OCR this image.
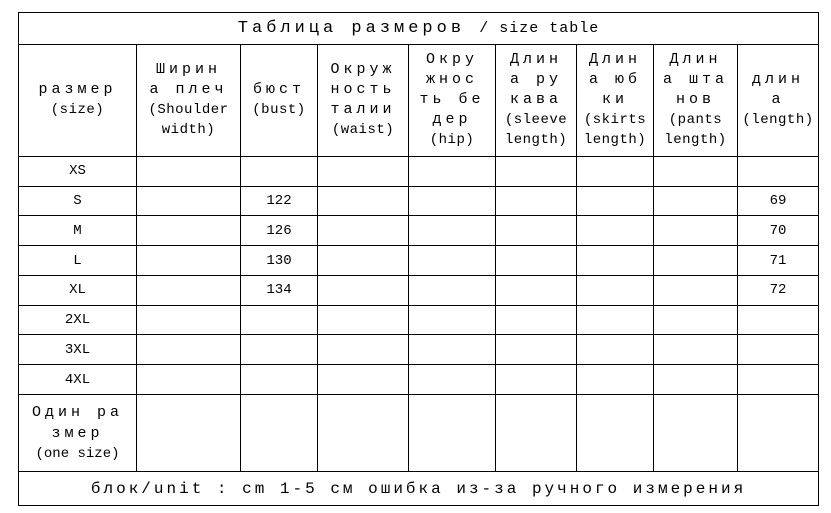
Таблица размеров / size table								

размер
(size)	Ширин
а плеч
(Shoulder
width)	бюст
(bust)	Окруж
ность
талии
(waist)	Окру
жнос
ть бе
дер
(hip)	Длин
а ру
кава
(sleeve
length)	Длин
а юб
ки
(skirts
length)	Длин
а шта
нов
(pants
length)	длин
а
(length)

XS								
S		122						69
M		126						70
L		130						71
XL		134						72
2XL								
3XL								
4XL								

Один ра
змер
(one size)								

блок/unit : cm 1-5 см ошибка из-за ручного измерения								
